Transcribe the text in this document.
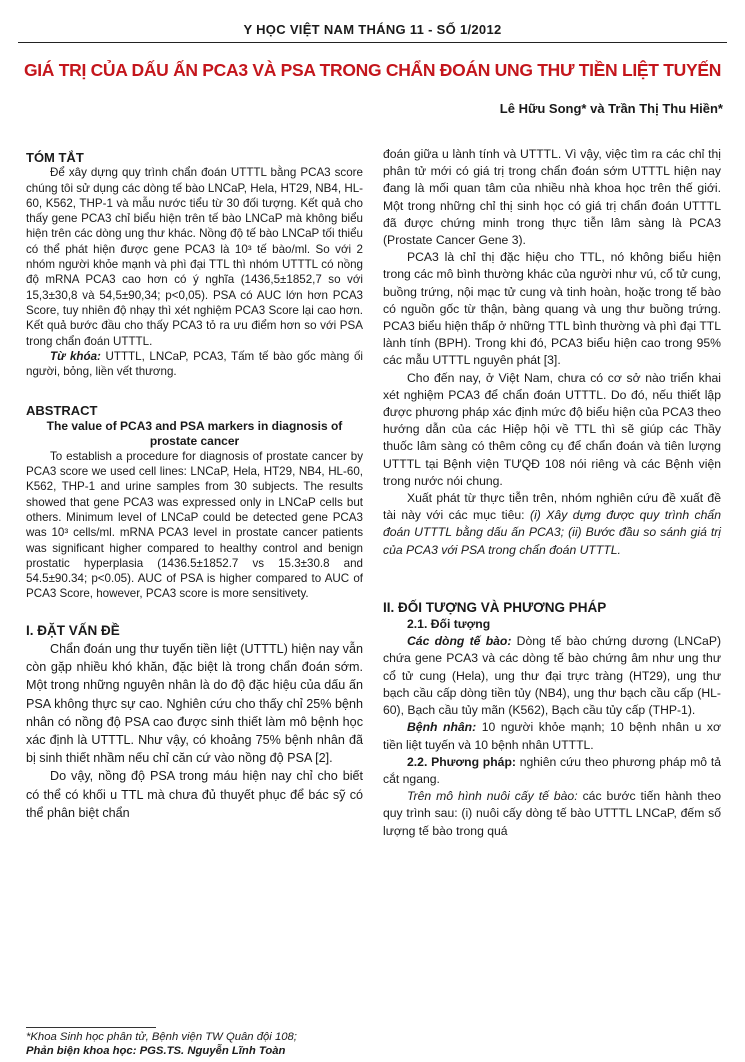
Y HỌC VIỆT NAM THÁNG 11 - SỐ 1/2012
GIÁ TRỊ CỦA DẤU ẤN PCA3 VÀ PSA TRONG CHẨN ĐOÁN UNG THƯ TIỀN LIỆT TUYẾN
Lê Hữu Song* và Trần Thị Thu Hiền*
TÓM TẮT

Để xây dựng quy trình chẩn đoán UTTTL bằng PCA3 score chúng tôi sử dụng các dòng tế bào LNCaP, Hela, HT29, NB4, HL-60, K562, THP-1 và mẫu nước tiểu từ 30 đối tượng. Kết quả cho thấy gene PCA3 chỉ biểu hiện trên tế bào LNCaP mà không biểu hiện trên các dòng ung thư khác. Nồng độ tế bào LNCaP tối thiểu có thể phát hiện được gene PCA3 là 10³ tế bào/ml. So với 2 nhóm người khỏe mạnh và phì đại TTL thì nhóm UTTTL có nồng độ mRNA PCA3 cao hơn có ý nghĩa (1436,5±1852,7 so với 15,3±30,8 và 54,5±90,34; p<0,05). PSA có AUC lớn hơn PCA3 Score, tuy nhiên độ nhạy thì xét nghiệm PCA3 Score lại cao hơn. Kết quả bước đầu cho thấy PCA3 tỏ ra ưu điểm hơn so với PSA trong chẩn đoán UTTTL.

Từ khóa: UTTTL, LNCaP, PCA3, Tấm tế bào gốc màng ối người, bỏng, liền vết thương.

ABSTRACT
The value of PCA3 and PSA markers in diagnosis of prostate cancer

To establish a procedure for diagnosis of prostate cancer by PCA3 score we used cell lines: LNCaP, Hela, HT29, NB4, HL-60, K562, THP-1 and urine samples from 30 subjects. The results showed that gene PCA3 was expressed only in LNCaP cells but others. Minimum level of LNCaP could be detected gene PCA3 was 10³ cells/ml. mRNA PCA3 level in prostate cancer patients was significant higher compared to healthy control and benign prostatic hyperplasia (1436.5±1852.7 vs 15.3±30.8 and 54.5±90.34; p<0.05). AUC of PSA is higher compared to AUC of PCA3 Score, however, PCA3 score is more sensitivety.

I. ĐẶT VẤN ĐỀ

Chẩn đoán ung thư tuyến tiền liệt (UTTTL) hiện nay vẫn còn gặp nhiều khó khăn, đặc biệt là trong chẩn đoán sớm. Một trong những nguyên nhân là do độ đặc hiệu của dấu ấn PSA không thực sự cao. Nghiên cứu cho thấy chỉ 25% bệnh nhân có nồng độ PSA cao được sinh thiết làm mô bệnh học xác định là UTTTL. Như vậy, có khoảng 75% bệnh nhân đã bị sinh thiết nhầm nếu chỉ căn cứ vào nồng độ PSA [2].

Do vậy, nồng độ PSA trong máu hiện nay chỉ cho biết có thể có khối u TTL mà chưa đủ thuyết phục để bác sỹ có thể phân biệt chẩn

đoán giữa u lành tính và UTTTL. Vì vậy, việc tìm ra các chỉ thị phân tử mới có giá trị trong chẩn đoán sớm UTTTL hiện nay đang là mối quan tâm của nhiều nhà khoa học trên thế giới. Một trong những chỉ thị sinh học có giá trị chẩn đoán UTTTL đã được chứng minh trong thực tiễn lâm sàng là PCA3 (Prostate Cancer Gene 3).

PCA3 là chỉ thị đặc hiệu cho TTL, nó không biểu hiện trong các mô bình thường khác của người như vú, cổ tử cung, buồng trứng, nội mạc tử cung và tinh hoàn, hoặc trong tế bào có nguồn gốc từ thận, bàng quang và ung thư buồng trứng. PCA3 biểu hiện thấp ở những TTL bình thường và phì đại TTL lành tính (BPH). Trong khi đó, PCA3 biểu hiện cao trong 95% các mẫu UTTTL nguyên phát [3].

Cho đến nay, ở Việt Nam, chưa có cơ sở nào triển khai xét nghiệm PCA3 để chẩn đoán UTTTL. Do đó, nếu thiết lập được phương pháp xác định mức độ biểu hiện của PCA3 theo hướng dẫn của các Hiệp hội về TTL thì sẽ giúp các Thầy thuốc lâm sàng có thêm công cụ để chẩn đoán và tiên lượng UTTTL tại Bệnh viện TƯQĐ 108 nói riêng và các Bệnh viện trong nước nói chung.

Xuất phát từ thực tiễn trên, nhóm nghiên cứu đề xuất đề tài này với các mục tiêu: (i) Xây dựng được quy trình chẩn đoán UTTTL bằng dấu ấn PCA3; (ii) Bước đầu so sánh giá trị của PCA3 với PSA trong chẩn đoán UTTTL.

II. ĐỐI TƯỢNG VÀ PHƯƠNG PHÁP
2.1. Đối tượng

Các dòng tế bào: Dòng tế bào chứng dương (LNCaP) chứa gene PCA3 và các dòng tế bào chứng âm như ung thư cổ tử cung (Hela), ung thư đại trực tràng (HT29), ung thư bạch cầu cấp dòng tiền tủy (NB4), ung thư bạch cầu cấp (HL-60), Bạch cầu tủy mãn (K562), Bạch cầu tủy cấp (THP-1).

Bệnh nhân: 10 người khỏe mạnh; 10 bệnh nhân u xơ tiền liệt tuyến và 10 bệnh nhân UTTTL.

2.2. Phương pháp: nghiên cứu theo phương pháp mô tả cắt ngang.

Trên mô hình nuôi cấy tế bào: các bước tiến hành theo quy trình sau: (i) nuôi cấy dòng tế bào UTTTL LNCaP, đếm số lượng tế bào trong quá

*Khoa Sinh học phân tử, Bệnh viện TW Quân đội 108;
Phản biện khoa học: PGS.TS. Nguyễn Lĩnh Toàn
